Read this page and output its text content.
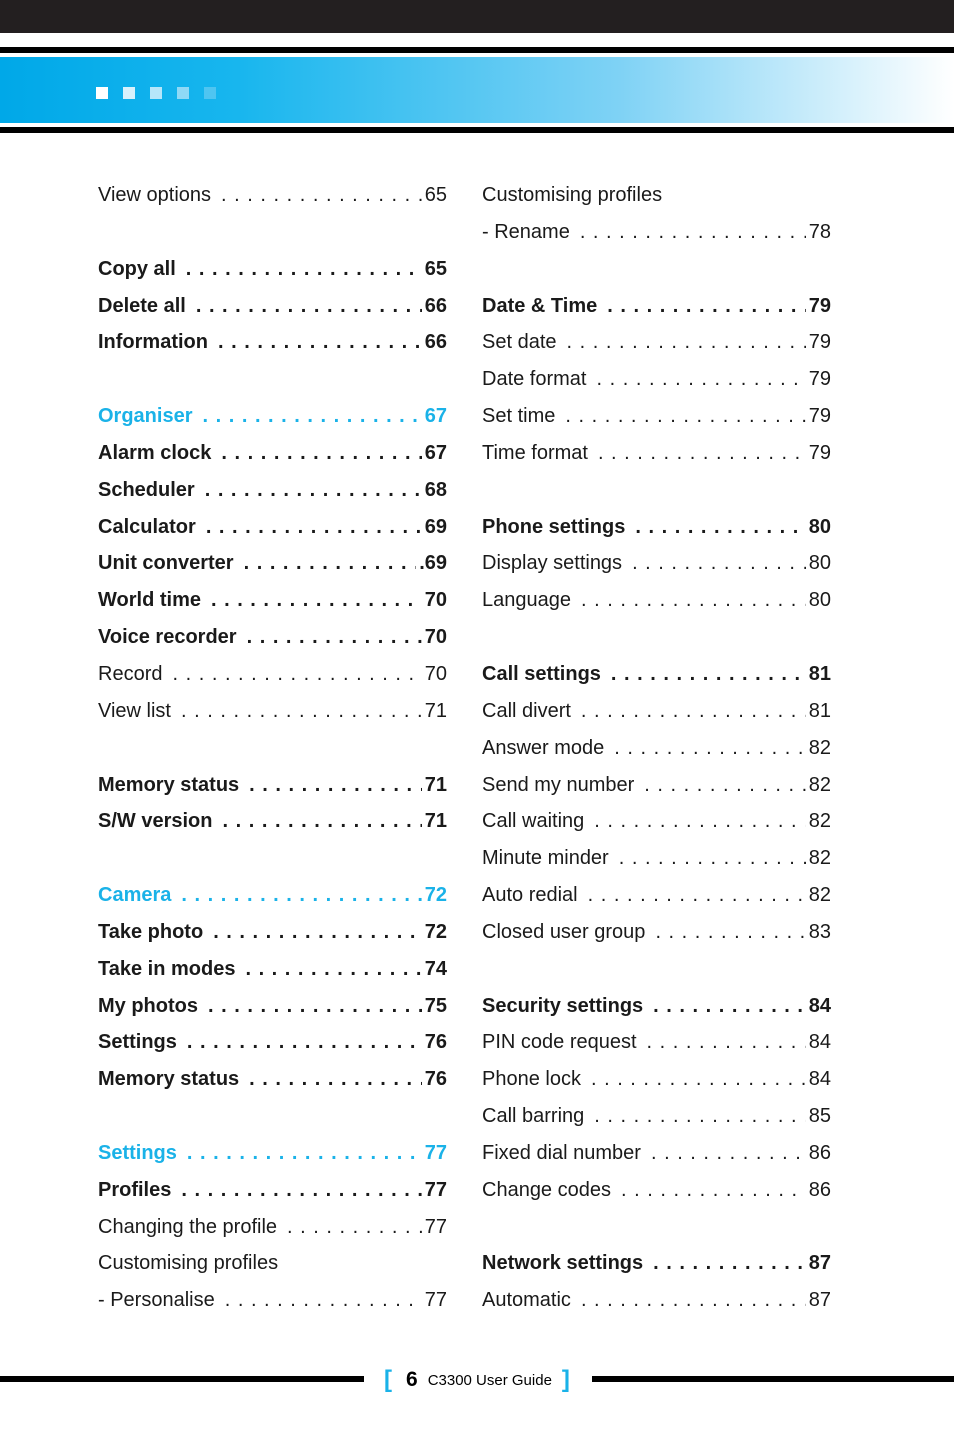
View options . . .	65
Copy all . . .	65
Delete all . . .	66
Information . . .	66
Organiser . . .	67
Alarm clock . . .	67
Scheduler . . .	68
Calculator . . .	69
Unit converter . . .	.69
World time . . .	70
Voice recorder . . .	70
Record . . .	70
View list . . .	71
Memory status . . .	71
S/W version . . .	71
Camera . . .	72
Take photo . . .	72
Take in modes . . .	74
My photos . . .	75
Settings . . .	76
Memory status . . .	76
Settings . . .	77
Profiles . . .	77
Changing the profile . . .	77
Customising profiles
- Personalise . . .	77
Customising profiles
- Rename . . .	78
Date & Time . . .	79
Set date . . .	79
Date format . . .	79
Set time . . .	79
Time format . . .	79
Phone settings . . .	80
Display settings . . .	80
Language . . .	80
Call settings . . .	81
Call divert . . .	81
Answer mode . . .	82
Send my number . . .	82
Call waiting . . .	82
Minute minder . . .	82
Auto redial . . .	82
Closed user group . . .	83
Security settings . . .	84
PIN code request . . .	84
Phone lock . . .	84
Call barring . . .	85
Fixed dial number . . .	86
Change codes . . .	86
Network settings . . .	87
Automatic . . .	87
[ 6 C3300 User Guide ]
